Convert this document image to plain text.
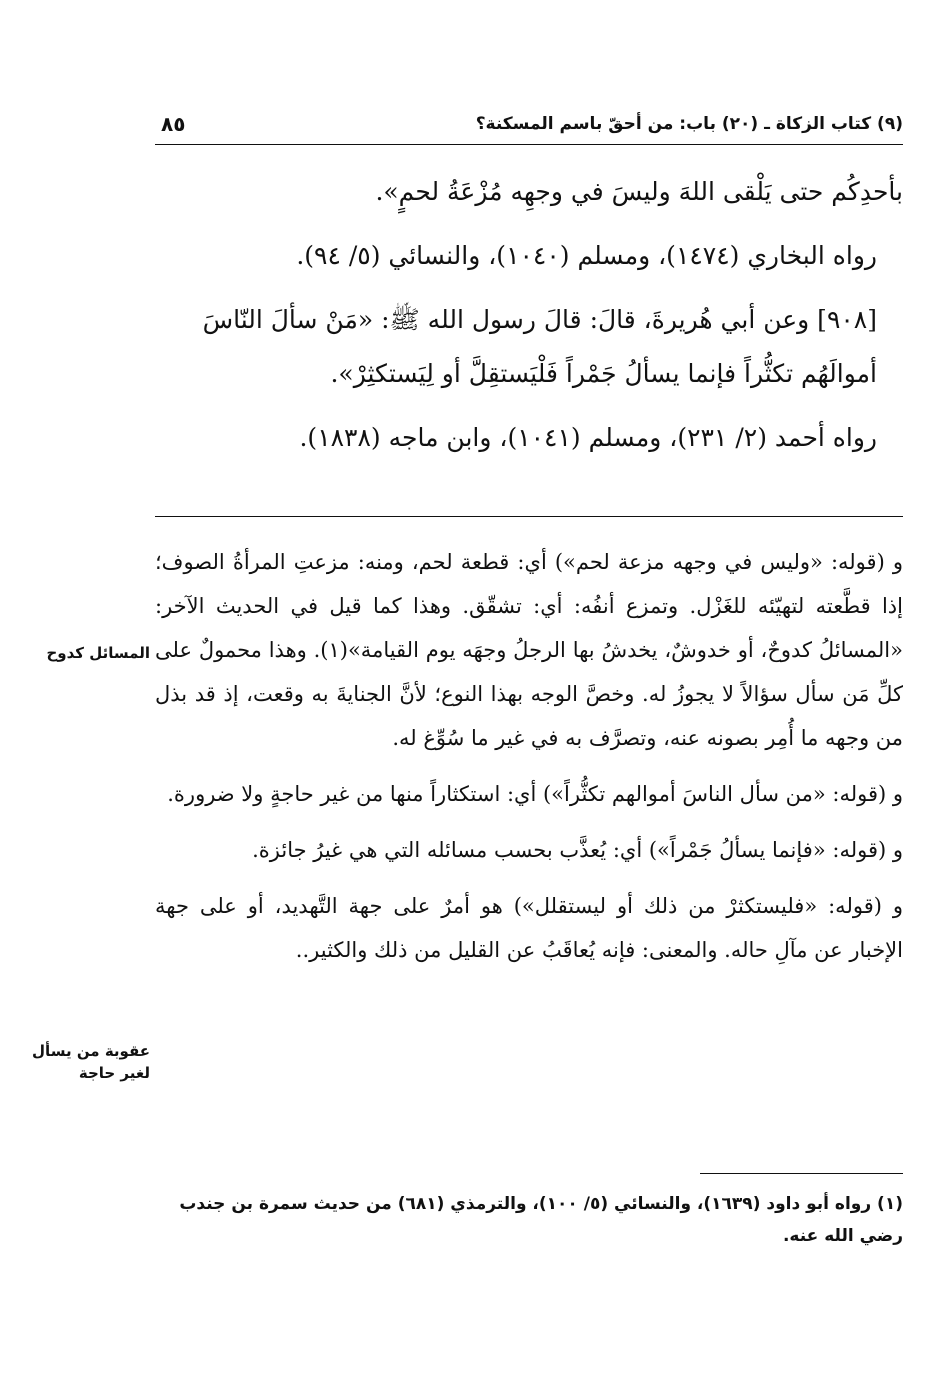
(٩) كتاب الزكاة ـ (٢٠) باب: من أحقّ باسم المسكنة؟
٨٥

بأحدِكُم حتى يَلْقى اللهَ وليسَ في وجهِه مُزْعَةُ لحمٍ».

رواه البخاري (١٤٧٤)، ومسلم (١٠٤٠)، والنسائي (٥/ ٩٤).

[٩٠٨] وعن أبي هُريرةَ، قالَ: قالَ رسول الله ﷺ: «مَنْ سألَ النّاسَ أموالَهُم تكثُّراً فإنما يسألُ جَمْراً فَلْيَستقِلَّ أو لِيَستكثِرْ».

رواه أحمد (٢/ ٢٣١)، ومسلم (١٠٤١)، وابن ماجه (١٨٣٨).

و (قوله: «وليس في وجهه مزعة لحم») أي: قطعة لحم، ومنه: مزعتِ المرأةُ الصوف؛ إذا قطَّعته لتهيّئه للغَزْل. وتمزع أنفُه: أي: تشقّق. وهذا كما قيل في الحديث الآخر: «المسائلُ كدوحٌ، أو خدوشٌ، يخدشُ بها الرجلُ وجهَه يوم القيامة»(١). وهذا محمولٌ على كلِّ مَن سأل سؤالاً لا يجوزُ له. وخصَّ الوجه بهذا النوع؛ لأنَّ الجنايةَ به وقعت، إذ قد بذل من وجهه ما أُمِر بصونه عنه، وتصرَّف به في غير ما سُوِّغ له.

و (قوله: «من سأل الناسَ أموالهم تكثُّراً») أي: استكثاراً منها من غير حاجةٍ ولا ضرورة.

و (قوله: «فإنما يسألُ جَمْراً») أي: يُعذَّب بحسب مسائله التي هي غيرُ جائزة.

و (قوله: «فليستكثرْ من ذلك أو ليستقلل») هو أمرٌ على جهة التَّهديد، أو على جهة الإخبار عن مآلِ حاله. والمعنى: فإنه يُعاقَبُ عن القليل من ذلك والكثير..

المسائل كدوح
عقوبة من يسأل لغير حاجة

(١) رواه أبو داود (١٦٣٩)، والنسائي (٥/ ١٠٠)، والترمذي (٦٨١) من حديث سمرة بن جندب رضي الله عنه.
